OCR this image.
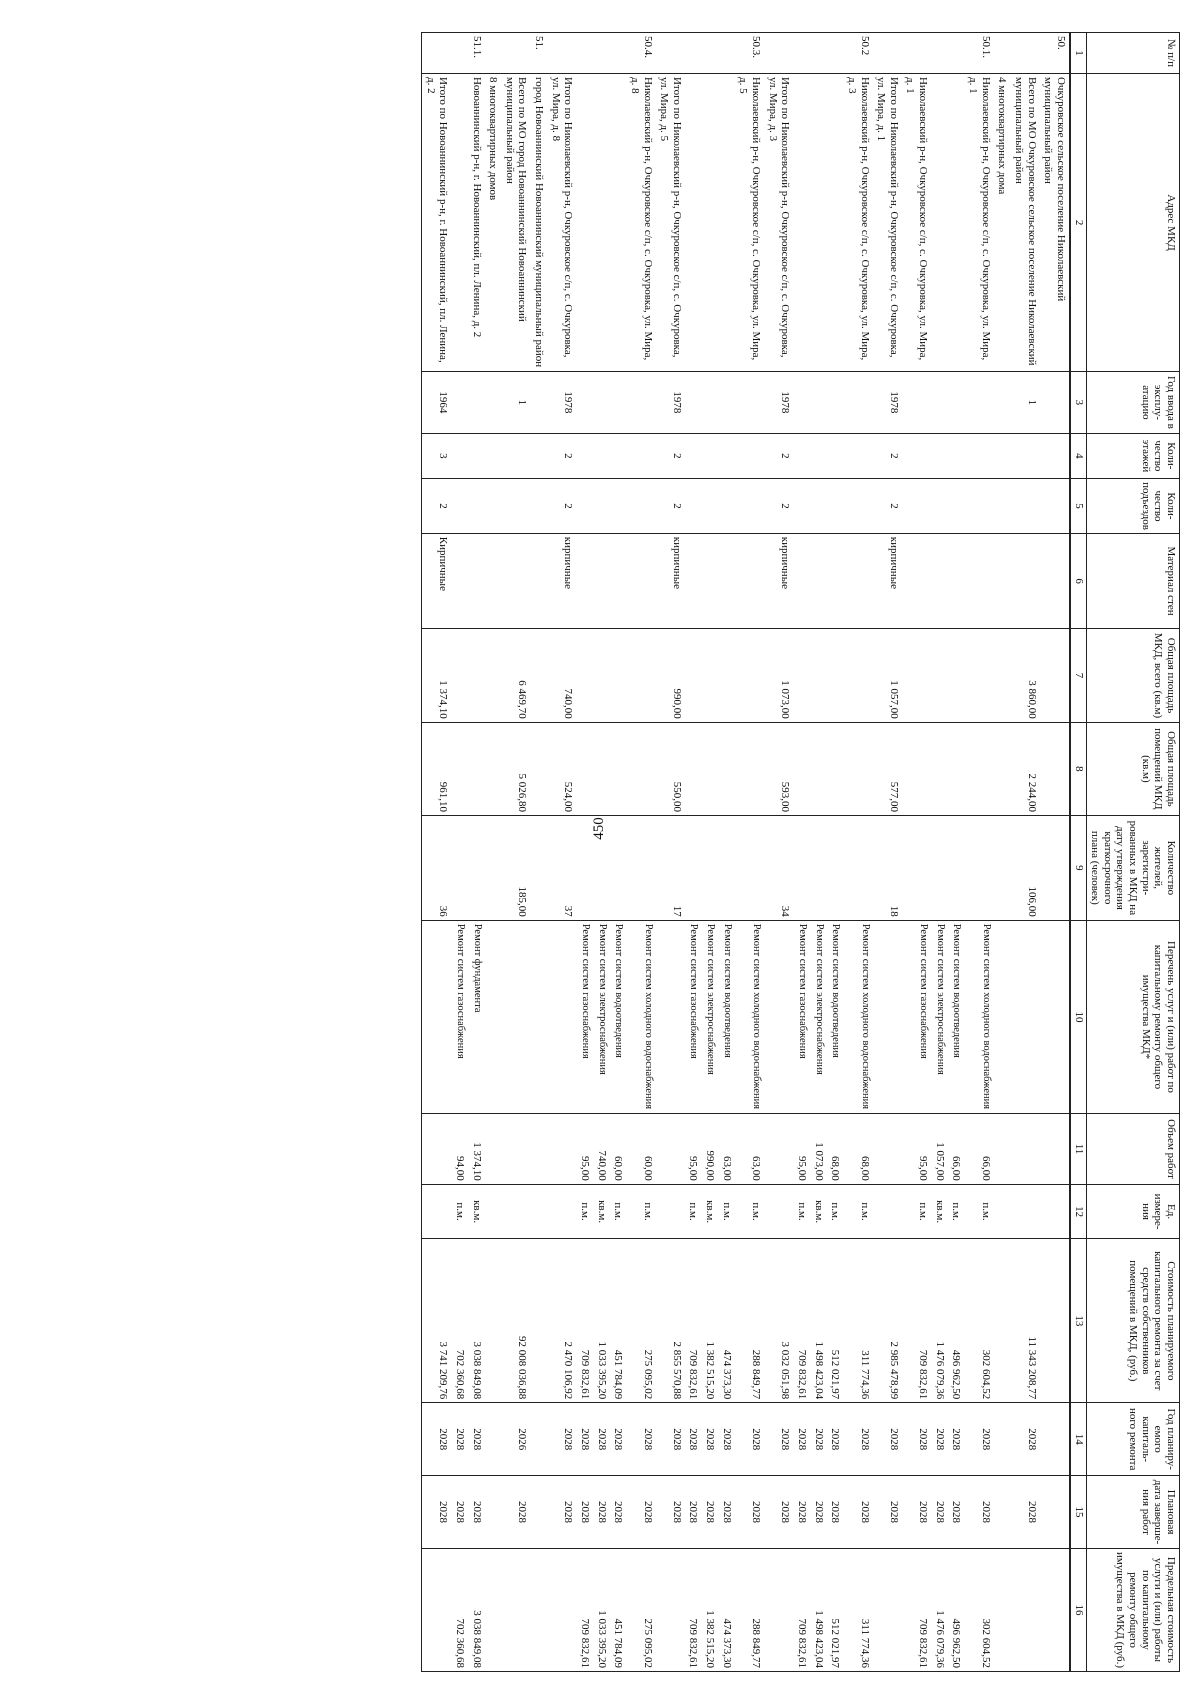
450
№ п/п	Адрес МКД	Год ввода в эксплу-атацию	Коли-чество этажей	Коли-чество подъездов	Материал стен	Общая площадь МКД, всего (кв.м)	Общая площадь помещений МКД (кв.м)	Количество жителей, зарегистри-рованных в МКД на дату утверждения краткосрочного плана (человек)	Перечень услуг и (или) работ по капитальному ремонту общего имущества МКД*	Объем работ	Ед. измере-ния	Стоимость планируемого капитального ремонта за счет средств собственников помещений в МКД, (руб.)	Год планиру-емого капиталь-ного ремонта	Плановая дата заверше-ния работ	Предельная стоимость услуги и (или) работы по капитальному ремонту общего имущества в МКД (руб.)
1	2	3	4	5	6	7	8	9	10	11	12	13	14	15	16
50.	Очкуровское сельское поселение Николаевский муниципальный район														
	Всего по МО Очкуровское сельское поселение Николаевский муниципальный район	1				3 860,00	2 244,00	106,00				11 343 208,77	2028	2028	
	4 многоквартирных дома														
50.1.	Николаевский р-н, Очкуровское с/п, с. Очкуровка, ул. Мира, д. 1								Ремонт систем холодного водоснабжения	66,00	п.м.	302 604,52	2028	2028	302 604,52
									Ремонт систем водоотведения	66,00	п.м.	496 962,50	2028	2028	496 962,50
									Ремонт систем электроснабжения	1 057,00	кв.м.	1 476 079,36	2028	2028	1 476 079,36
	Николаевский р-н, Очкуровское с/п, с. Очкуровка, ул. Мира, д. 1								Ремонт систем газоснабжения	95,00	п.м.	709 832,61	2028	2028	709 832,61
	Итого по Николаевский р-н, Очкуровское с/п, с. Очкуровка, ул. Мира, д. 1	1978	2	2	кирпичные	1 057,00	577,00	18				2 985 478,99	2028	2028	
50.2	Николаевский р-н, Очкуровское с/п, с. Очкуровка, ул. Мира, д. 3								Ремонт систем холодного водоснабжения	68,00	п.м.	311 774,36	2028	2028	311 774,36
									Ремонт систем водоотведения	68,00	п.м.	512 021,97	2028	2028	512 021,97
									Ремонт систем электроснабжения	1 073,00	кв.м.	1 498 423,04	2028	2028	1 498 423,04
									Ремонт систем газоснабжения	95,00	п.м.	709 832,61	2028	2028	709 832,61
	Итого по Николаевский р-н, Очкуровское с/п, с. Очкуровка, ул. Мира, д. 3	1978	2	2	кирпичные	1 073,00	593,00	34				3 032 051,98	2028	2028	
50.3.	Николаевский р-н, Очкуровское с/п, с. Очкуровка, ул. Мира, д. 5								Ремонт систем холодного водоснабжения	63,00	п.м.	288 849,77	2028	2028	288 849,77
									Ремонт систем водоотведения	63,00	п.м.	474 373,30	2028	2028	474 373,30
									Ремонт систем электроснабжения	990,00	кв.м.	1 382 515,20	2028	2028	1 382 515,20
									Ремонт систем газоснабжения	95,00	п.м.	709 832,61	2028	2028	709 832,61
	Итого по Николаевский р-н, Очкуровское с/п, с. Очкуровка, ул. Мира, д. 5	1978	2	2	кирпичные	990,00	550,00	17				2 855 570,88	2028	2028	
50.4.	Николаевский р-н, Очкуровское с/п, с. Очкуровка, ул. Мира, д. 8								Ремонт систем холодного водоснабжения	60,00	п.м.	275 095,02	2028	2028	275 095,02
									Ремонт систем водоотведения	60,00	п.м.	451 784,09	2028	2028	451 784,09
									Ремонт систем электроснабжения	740,00	кв.м.	1 033 395,20	2028	2028	1 033 395,20
									Ремонт систем газоснабжения	95,00	п.м.	709 832,61	2028	2028	709 832,61
	Итого по Николаевский р-н, Очкуровское с/п, с. Очкуровка, ул. Мира, д. 8	1978	2	2	кирпичные	740,00	524,00	37				2 470 106,92	2028	2028	
51.	город Новоаннинский Новоаннинский муниципальный район														
	Всего по МО город Новоаннинский Новоаннинский муниципальный район	1				6 469,70	5 026,80	185,00				92 008 036,88	2026	2028	
	8 многоквартирных домов														
51.1.	Новоаннинский р-н, г. Новоаннинский, пл. Ленина, д. 2								Ремонт фундамента	1 374,10	кв.м.	3 038 849,08	2028	2028	3 038 849,08
									Ремонт систем газоснабжения	94,00	п.м.	702 360,68	2028	2028	702 360,68
	Итого по Новоаннинский р-н, г. Новоаннинский, пл. Ленина, д. 2	1964	3	2	Кирпичные	1 374,10	961,10	36				3 741 209,76	2028	2028	
